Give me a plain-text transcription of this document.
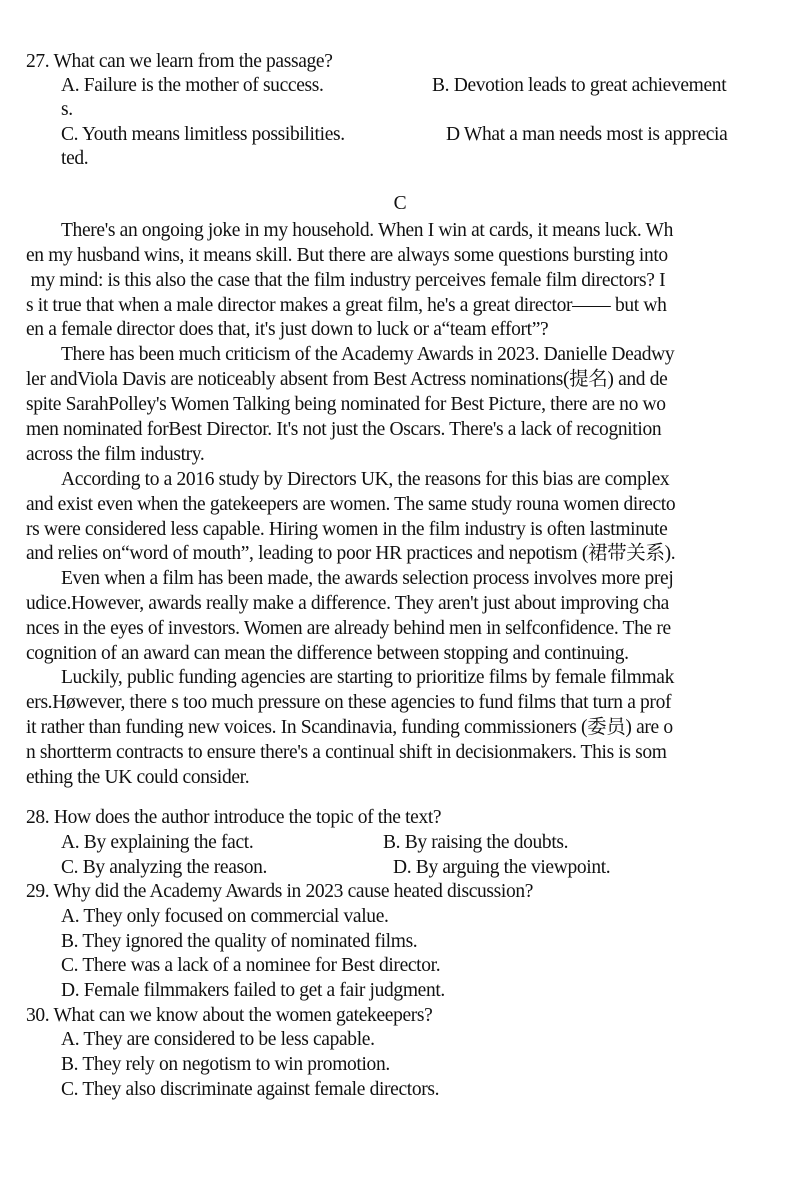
27. What can we learn from the passage?
A. Failure is the mother of success.	B. Devotion leads to great achievement
s.
C. Youth means limitless possibilities.	D What a man needs most is apprecia
ted.
C
There's an ongoing joke in my household. When I win at cards, it means luck. Wh
en my husband wins, it means skill. But there are always some questions bursting into
my mind: is this also the case that the film industry perceives female film directors? I
s it true that when a male director makes a great film, he's a great director—— but wh
en a female director does that, it's just down to luck or a“team effort”?
There has been much criticism of the Academy Awards in 2023. Danielle Deadwy
ler andViola Davis are noticeably absent from Best Actress nominations(提名) and de
spite SarahPolley's Women Talking being nominated for Best Picture, there are no wo
men nominated forBest Director. It's not just the Oscars. There's a lack of recognition
across the film industry.
According to a 2016 study by Directors UK, the reasons for this bias are complex
and exist even when the gatekeepers are women. The same study rouna women directo
rs were considered less capable. Hiring women in the film industry is often lastminute
and relies on“word of mouth”, leading to poor HR practices and nepotism (裙带关系).
Even when a film has been made, the awards selection process involves more prej
udice.However, awards really make a difference. They aren't just about improving cha
nces in the eyes of investors. Women are already behind men in selfconfidence. The re
cognition of an award can mean the difference between stopping and continuing.
Luckily, public funding agencies are starting to prioritize films by female filmmak
ers.Høwever, there s too much pressure on these agencies to fund films that turn a prof
it rather than funding new voices. In Scandinavia, funding commissioners (委员) are o
n shortterm contracts to ensure there's a continual shift in decisionmakers. This is som
ething the UK could consider.
28. How does the author introduce the topic of the text?
A. By explaining the fact.	B. By raising the doubts.
C. By analyzing the reason.	D. By arguing the viewpoint.
29. Why did the Academy Awards in 2023 cause heated discussion?
A. They only focused on commercial value.
B. They ignored the quality of nominated films.
C. There was a lack of a nominee for Best director.
D. Female filmmakers failed to get a fair judgment.
30. What can we know about the women gatekeepers?
A. They are considered to be less capable.
B. They rely on negotism to win promotion.
C. They also discriminate against female directors.
